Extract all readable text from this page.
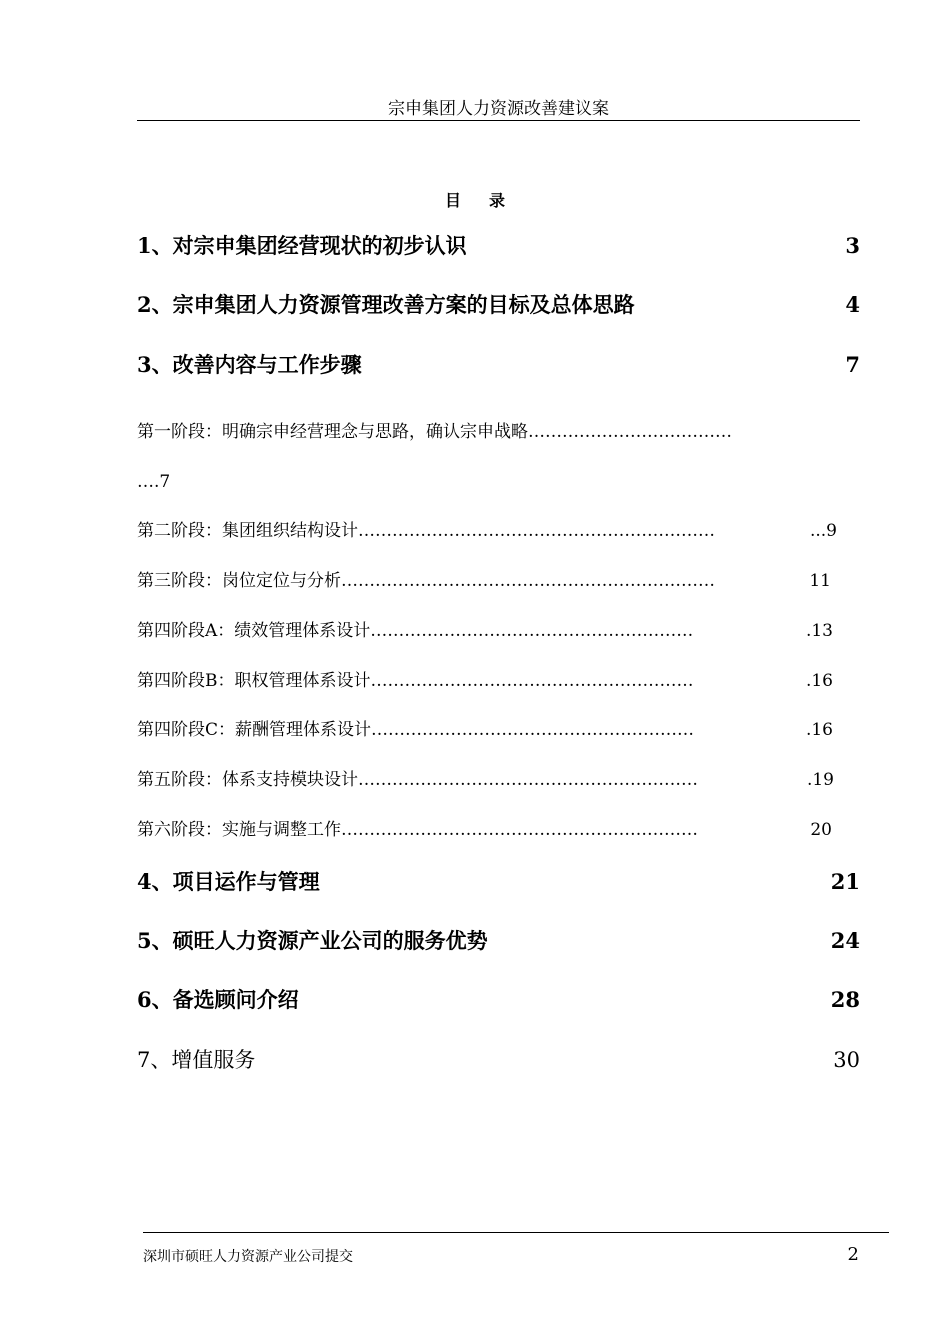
宗申集团人力资源改善建议案
目录
1、对宗申集团经营现状的初步认识	3
2、宗申集团人力资源管理改善方案的目标及总体思路	4
3、改善内容与工作步骤	7
第一阶段：明确宗申经营理念与思路，确认宗申战略………………………………
….7
第二阶段：集团组织结构设计………………………………………………………	...9
第三阶段：岗位定位与分析…………………………………………………………	11
第四阶段A：绩效管理体系设计…………………………………………………	.13
第四阶段B：职权管理体系设计…………………………………………………	.16
第四阶段C：薪酬管理体系设计…………………………………………………	.16
第五阶段：体系支持模块设计……………………………………………………	.19
第六阶段：实施与调整工作………………………………………………………	20
4、项目运作与管理	21
5、硕旺人力资源产业公司的服务优势	24
6、备选顾问介绍	28
7、增值服务	30
深圳市硕旺人力资源产业公司提交	2
